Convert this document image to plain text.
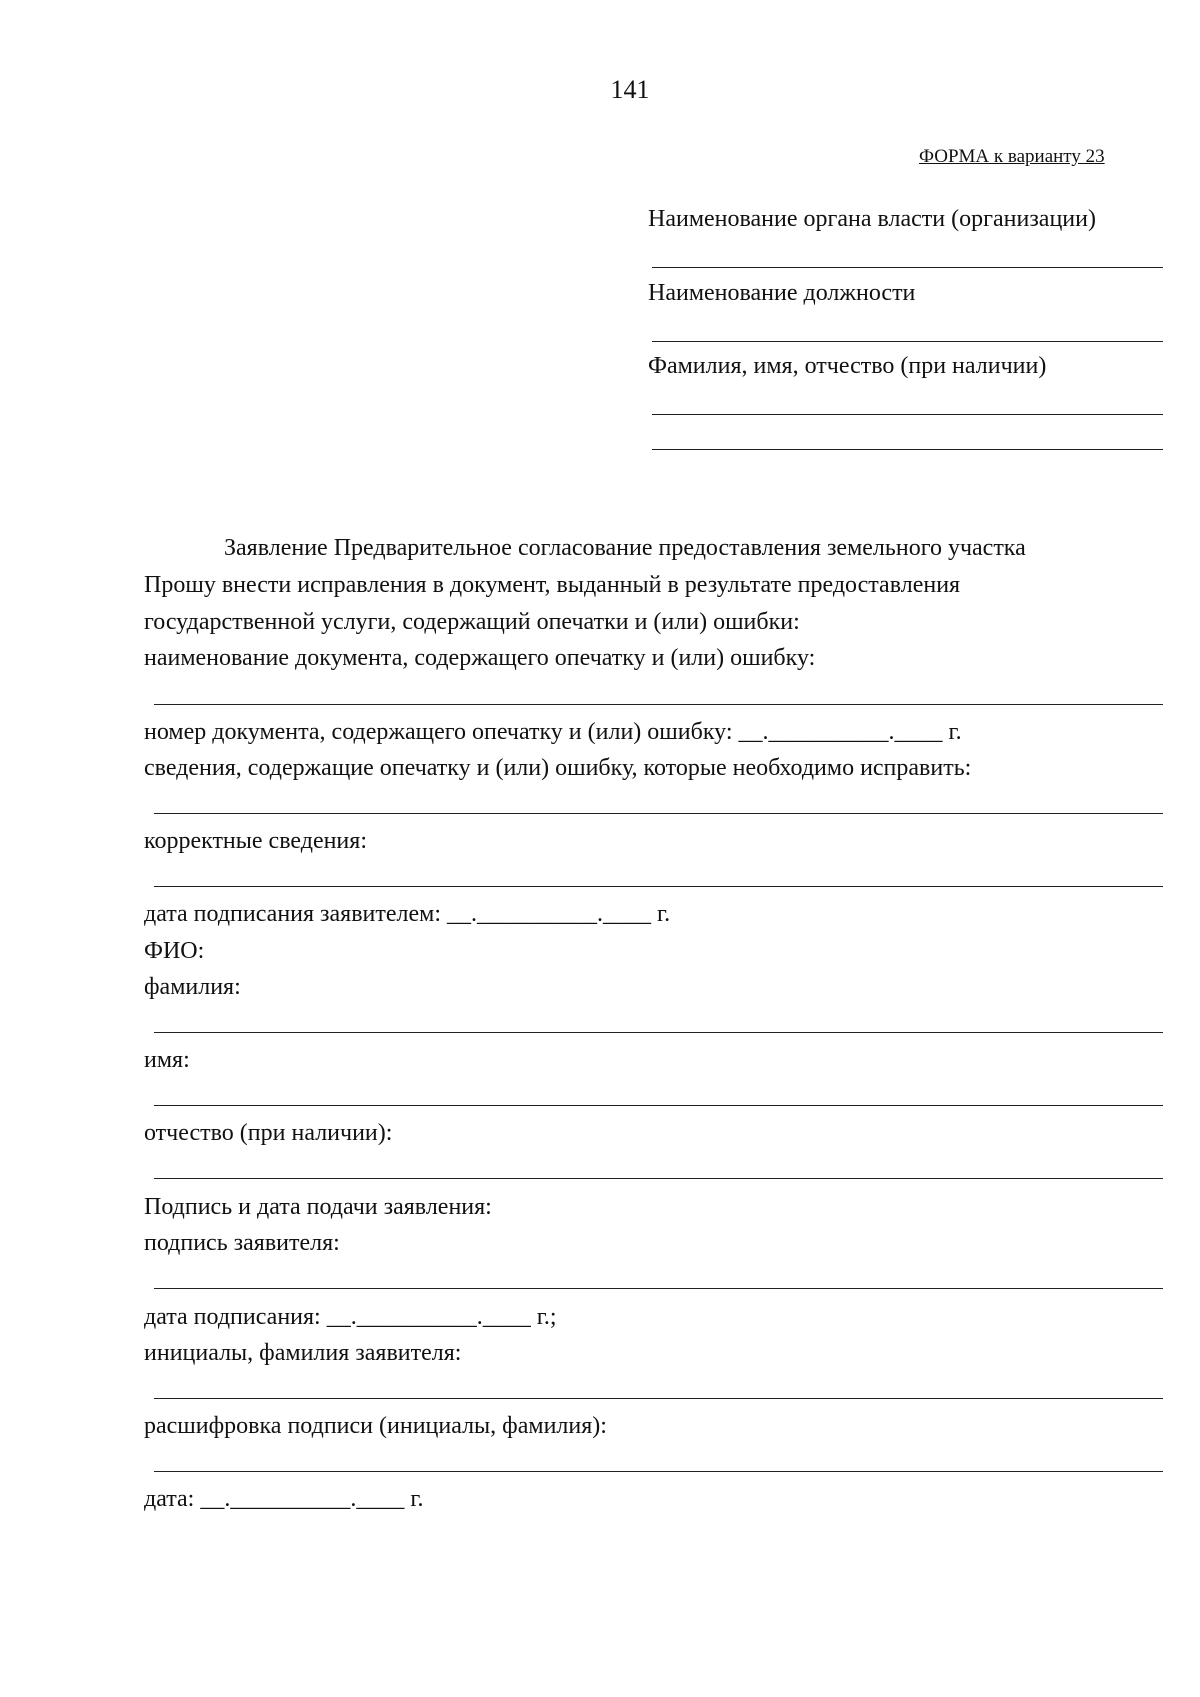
141
ФОРМА к варианту 23
Наименование органа власти (организации)
Наименование должности
Фамилия, имя, отчество (при наличии)
Заявление Предварительное согласование предоставления земельного участка
Прошу внести исправления в документ, выданный в результате предоставления
государственной услуги, содержащий опечатки и (или) ошибки:
наименование документа, содержащего опечатку и (или) ошибку:
номер документа, содержащего опечатку и (или) ошибку: __.__________.____ г.
сведения, содержащие опечатку и (или) ошибку, которые необходимо исправить:
корректные сведения:
дата подписания заявителем: __.__________.____ г.
ФИО:
фамилия:
имя:
отчество (при наличии):
Подпись и дата подачи заявления:
подпись заявителя:
дата подписания: __.__________.____ г.;
инициалы, фамилия заявителя:
расшифровка подписи (инициалы, фамилия):
дата: __.__________.____ г.
